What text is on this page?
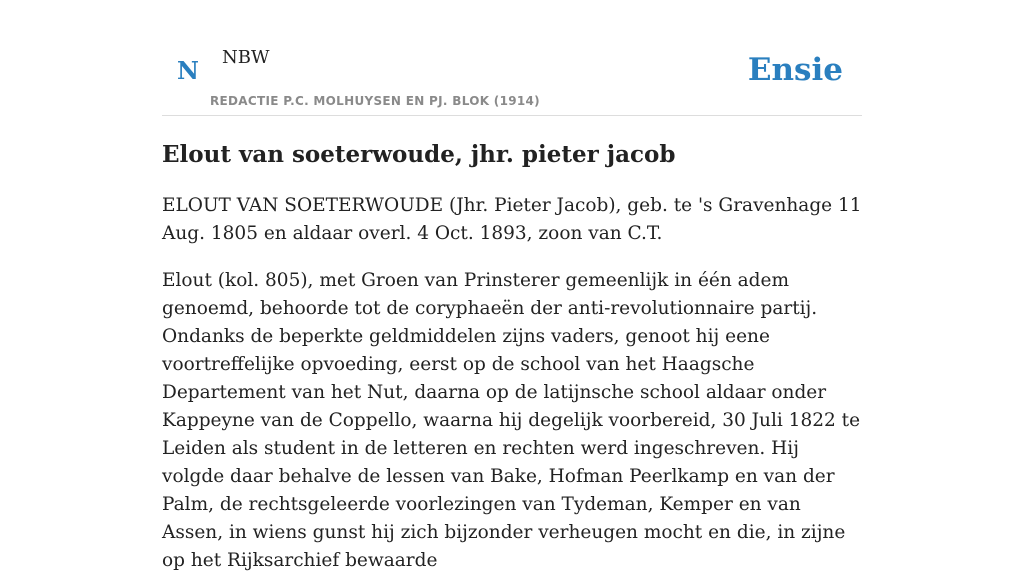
N NBW
REDACTIE P.C. MOLHUYSEN EN PJ. BLOK (1914)
Ensie
Elout van soeterwoude, jhr. pieter jacob

ELOUT VAN SOETERWOUDE (Jhr. Pieter Jacob), geb. te 's Gravenhage 11 Aug. 1805 en aldaar overl. 4 Oct. 1893, zoon van C.T.

Elout (kol. 805), met Groen van Prinsterer gemeenlijk in één adem genoemd, behoorde tot de coryphaeën der anti-revolutionnaire partij. Ondanks de beperkte geldmiddelen zijns vaders, genoot hij eene voortreffelijke opvoeding, eerst op de school van het Haagsche Departement van het Nut, daarna op de latijnsche school aldaar onder Kappeyne van de Coppello, waarna hij degelijk voorbereid, 30 Juli 1822 te Leiden als student in de letteren en rechten werd ingeschreven. Hij volgde daar behalve de lessen van Bake, Hofman Peerlkamp en van der Palm, de rechtsgeleerde voorlezingen van Tydeman, Kemper en van Assen, in wiens gunst hij zich bijzonder verheugen mocht en die, in zijne op het Rijksarchief bewaarde
